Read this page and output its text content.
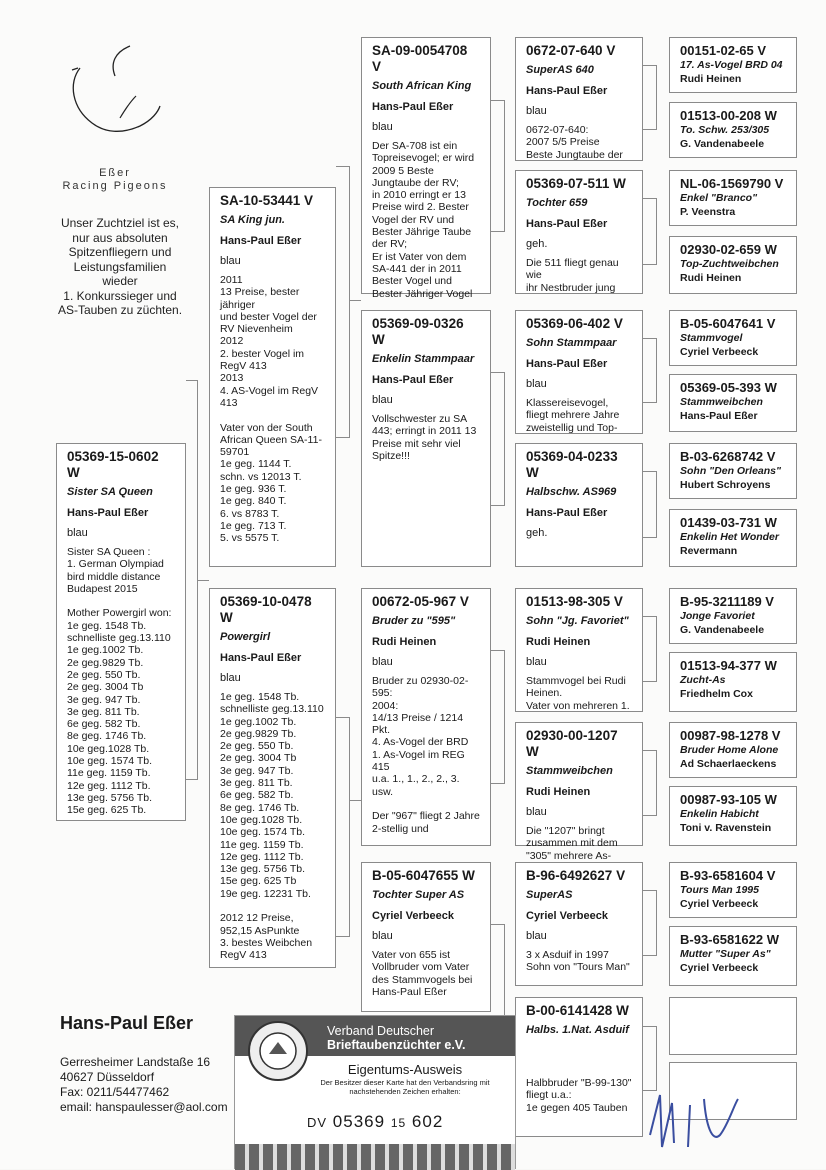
Eßer
Racing Pigeons
Unser Zuchtziel ist es,
nur aus absoluten
Spitzenfliegern und
Leistungsfamilien
wieder
1. Konkurssieger und
AS-Tauben zu züchten.
05369-15-0602 W
Sister SA Queen
Hans-Paul Eßer
blau
Sister SA Queen :
1. German Olympiad bird middle distance Budapest 2015

Mother Powergirl won:
1e geg. 1548 Tb.
schnelliste geg.13.110
1e geg.1002 Tb.
2e geg.9829 Tb.
2e geg. 550 Tb.
2e geg. 3004 Tb
3e geg. 947 Tb.
3e geg. 811 Tb.
6e geg. 582 Tb.
8e geg. 1746 Tb.
10e geg.1028 Tb.
10e geg. 1574 Tb.
11e geg. 1159 Tb.
12e geg. 1112 Tb.
13e geg. 5756 Tb.
15e geg. 625 Tb.
SA-10-53441 V
SA King jun.
Hans-Paul Eßer
blau
2011
13 Preise, bester jähriger
und bester Vogel der RV Nievenheim
2012
2. bester Vogel im RegV 413
2013
4. AS-Vogel im RegV 413

Vater von der South African Queen SA-11-59701
1e geg. 1144 T.
schn. vs 12013 T.
1e geg. 936 T.
1e geg. 840 T.
6. vs 8783 T.
1e geg. 713 T.
5. vs 5575 T.
05369-10-0478 W
Powergirl
Hans-Paul Eßer
blau
1e geg. 1548 Tb.
schnelliste geg.13.110
1e geg.1002 Tb.
2e geg.9829 Tb.
2e geg. 550 Tb.
2e geg. 3004 Tb
3e geg. 947 Tb.
3e geg. 811 Tb.
6e geg. 582 Tb.
8e geg. 1746 Tb.
10e geg.1028 Tb.
10e geg. 1574 Tb.
11e geg. 1159 Tb.
12e geg. 1112 Tb.
13e geg. 5756 Tb.
15e geg. 625 Tb
19e geg. 12231 Tb.

2012 12 Preise,
952,15 AsPunkte
3. bestes Weibchen
RegV 413
SA-09-0054708 V
South African King
Hans-Paul Eßer
blau
Der SA-708 ist ein Topreisevogel; er wird 2009 5 Beste Jungtaube der RV;
in 2010 erringt er 13 Preise wird 2. Bester Vogel der RV und Bester Jährige Taube der RV;
Er ist Vater von dem SA-441 der in 2011 Bester Vogel und Bester Jähriger Vogel
05369-09-0326 W
Enkelin Stammpaar
Hans-Paul Eßer
blau
Vollschwester zu SA 443; erringt in 2011 13 Preise mit sehr viel Spitze!!!
00672-05-967 V
Bruder zu "595"
Rudi Heinen
blau
Bruder zu 02930-02-595:
2004:
14/13 Preise / 1214 Pkt.
4. As-Vogel der BRD
1. As-Vogel im REG 415
u.a. 1., 1., 2., 2., 3. usw.

Der "967" fliegt 2 Jahre 2-stellig und
B-05-6047655 W
Tochter Super AS
Cyriel Verbeeck
blau
Vater von 655 ist Vollbruder vom Vater des Stammvogels bei Hans-Paul Eßer
0672-07-640 V
SuperAS 640
Hans-Paul Eßer
blau
0672-07-640:
2007 5/5 Preise
Beste Jungtaube der
05369-07-511 W
Tochter 659
Hans-Paul Eßer
geh.
Die 511 fliegt genau wie
ihr Nestbruder jung
05369-06-402 V
Sohn Stammpaar
Hans-Paul Eßer
blau
Klassereisevogel, fliegt mehrere Jahre zweistellig und Top-
05369-04-0233 W
Halbschw. AS969
Hans-Paul Eßer
geh.
01513-98-305 V
Sohn "Jg. Favoriet"
Rudi Heinen
blau
Stammvogel bei Rudi Heinen.
Vater von mehreren 1.
02930-00-1207 W
Stammweibchen
Rudi Heinen
blau
Die "1207" bringt zusammen mit dem "305" mehrere As-
B-96-6492627 V
SuperAS
Cyriel Verbeeck
blau
3 x Asduif in 1997
Sohn von "Tours Man"
B-00-6141428 W
Halbs. 1.Nat. Asduif
Halbbruder "B-99-130" fliegt u.a.:
1e gegen 405 Tauben
00151-02-65 V
17. As-Vogel BRD 04
Rudi Heinen
01513-00-208 W
To. Schw. 253/305
G. Vandenabeele
NL-06-1569790 V
Enkel "Branco"
P. Veenstra
02930-02-659 W
Top-Zuchtweibchen
Rudi Heinen
B-05-6047641 V
Stammvogel
Cyriel Verbeeck
05369-05-393 W
Stammweibchen
Hans-Paul Eßer
B-03-6268742 V
Sohn "Den Orleans"
Hubert Schroyens
01439-03-731 W
Enkelin Het Wonder
Revermann
B-95-3211189 V
Jonge Favoriet
G. Vandenabeele
01513-94-377 W
Zucht-As
Friedhelm Cox
00987-98-1278 V
Bruder Home Alone
Ad Schaerlaeckens
00987-93-105 W
Enkelin Habicht
Toni v. Ravenstein
B-93-6581604 V
Tours Man 1995
Cyriel Verbeeck
B-93-6581622 W
Mutter "Super As"
Cyriel Verbeeck
Hans-Paul Eßer
Gerresheimer Landstaße 16
40627 Düsseldorf
Fax: 0211/54477462
email: hanspaulesser@aol.com
Verband Deutscher
Brieftaubenzüchter e.V.
Eigentums-Ausweis
Der Besitzer dieser Karte hat den Verbandsring mit nachstehenden Zeichen erhalten:
DV 05369 15 602
